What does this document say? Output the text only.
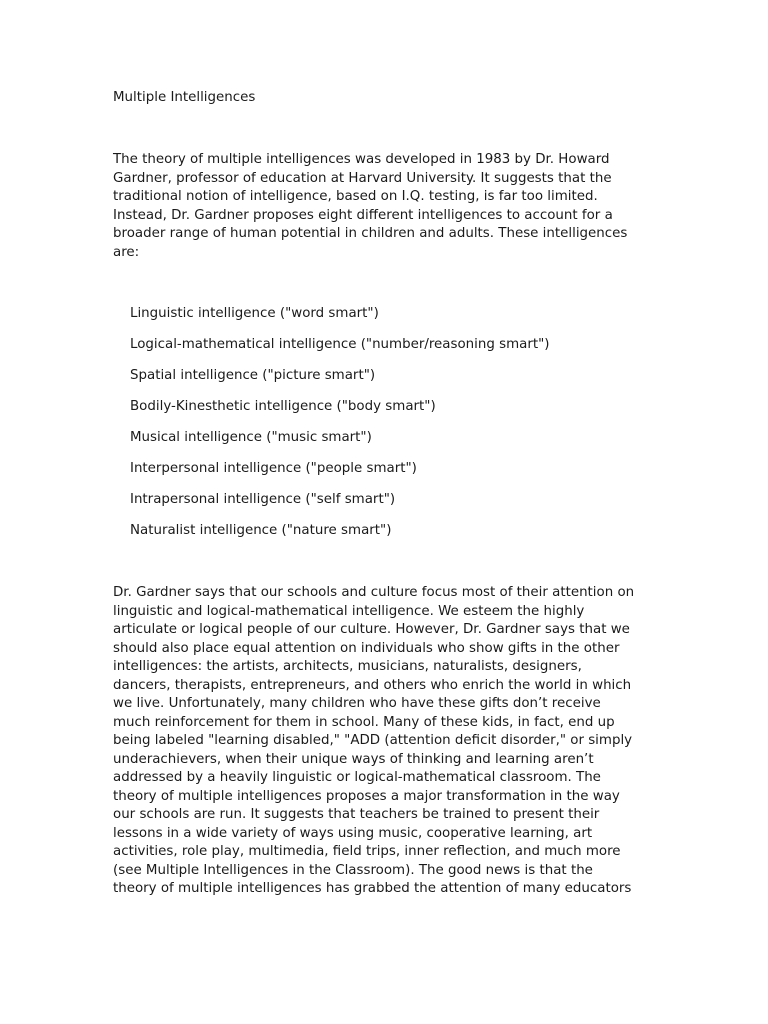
Multiple Intelligences

The theory of multiple intelligences was developed in 1983 by Dr. Howard
Gardner, professor of education at Harvard University. It suggests that the
traditional notion of intelligence, based on I.Q. testing, is far too limited.
Instead, Dr. Gardner proposes eight different intelligences to account for a
broader range of human potential in children and adults. These intelligences
are:

Linguistic intelligence ("word smart")
Logical-mathematical intelligence ("number/reasoning smart")
Spatial intelligence ("picture smart")
Bodily-Kinesthetic intelligence ("body smart")
Musical intelligence ("music smart")
Interpersonal intelligence ("people smart")
Intrapersonal intelligence ("self smart")
Naturalist intelligence ("nature smart")

Dr. Gardner says that our schools and culture focus most of their attention on
linguistic and logical-mathematical intelligence. We esteem the highly
articulate or logical people of our culture. However, Dr. Gardner says that we
should also place equal attention on individuals who show gifts in the other
intelligences: the artists, architects, musicians, naturalists, designers,
dancers, therapists, entrepreneurs, and others who enrich the world in which
we live. Unfortunately, many children who have these gifts don’t receive
much reinforcement for them in school. Many of these kids, in fact, end up
being labeled "learning disabled," "ADD (attention deficit disorder," or simply
underachievers, when their unique ways of thinking and learning aren’t
addressed by a heavily linguistic or logical-mathematical classroom. The
theory of multiple intelligences proposes a major transformation in the way
our schools are run. It suggests that teachers be trained to present their
lessons in a wide variety of ways using music, cooperative learning, art
activities, role play, multimedia, field trips, inner reflection, and much more
(see Multiple Intelligences in the Classroom). The good news is that the
theory of multiple intelligences has grabbed the attention of many educators
